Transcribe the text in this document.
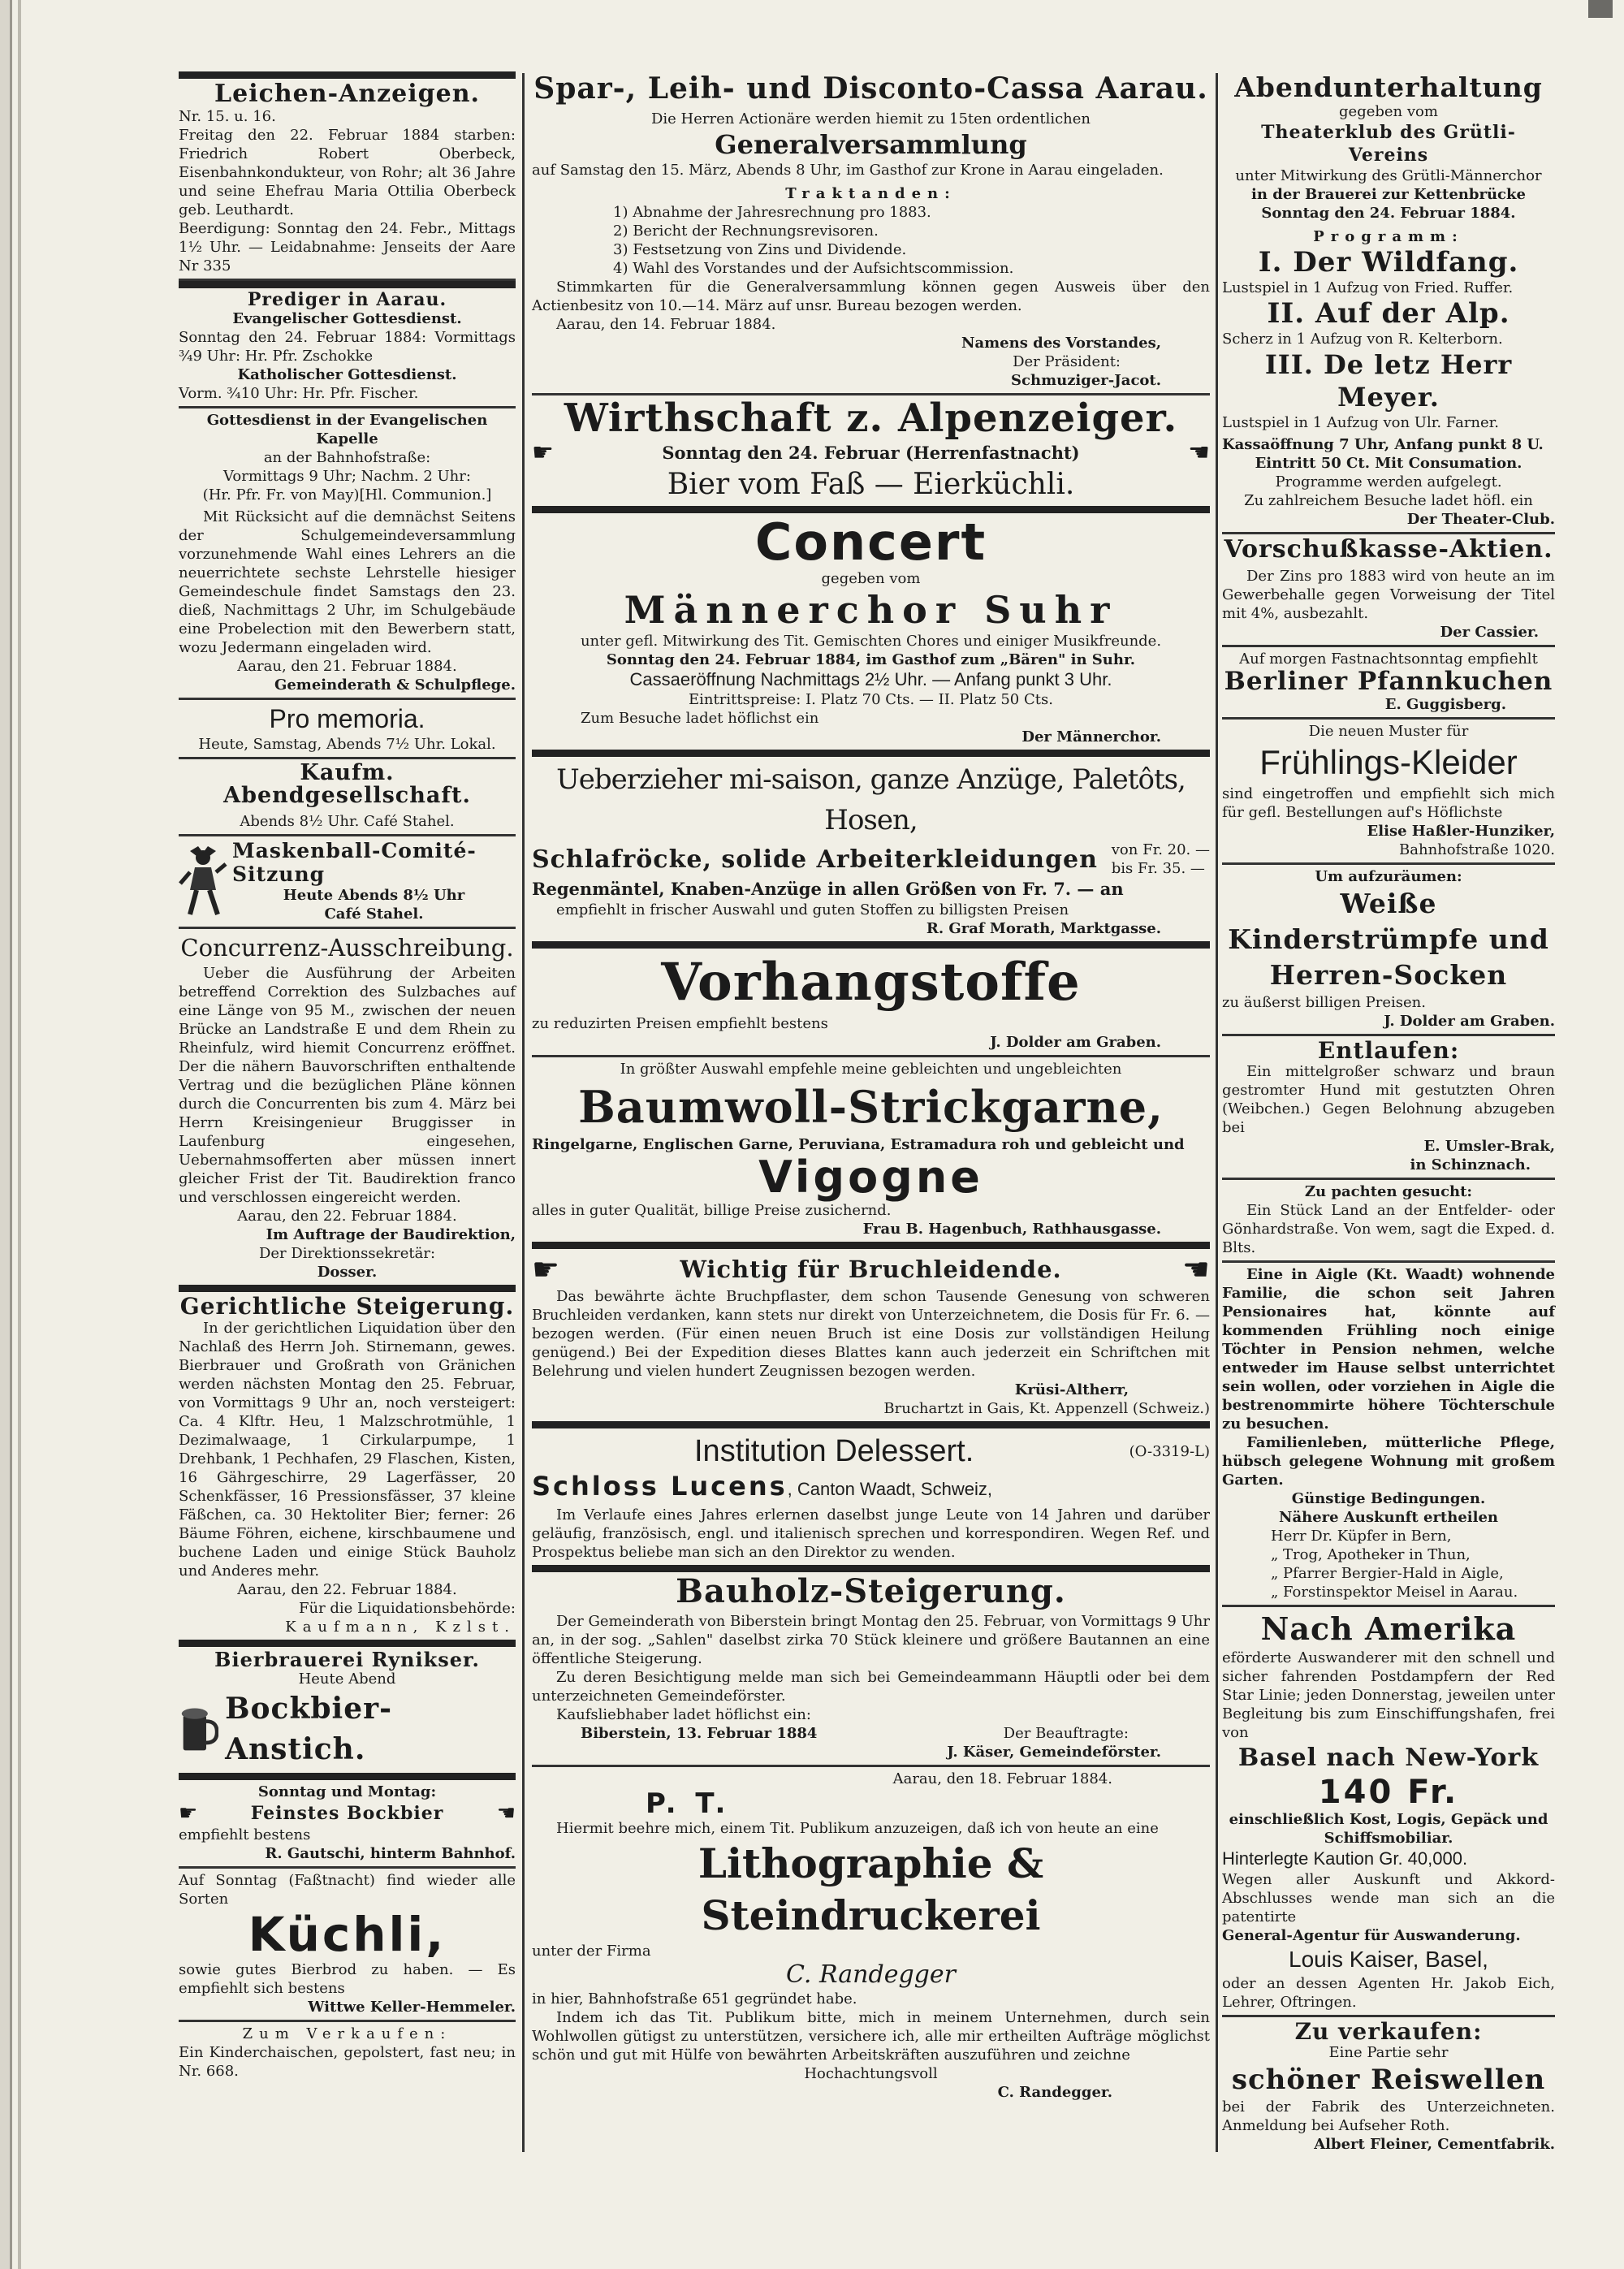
Leichen-Anzeigen.

Nr. 15. u. 16.

Freitag den 22. Februar 1884 starben: Friedrich Robert Oberbeck, Eisenbahnkondukteur, von Rohr; alt 36 Jahre und seine Ehefrau Maria Ottilia Oberbeck geb. Leuthardt.

Beerdigung: Sonntag den 24. Febr., Mittags 1½ Uhr. — Leidabnahme: Jenseits der Aare Nr 335

Prediger in Aarau.

Evangelischer Gottesdienst.

Sonntag den 24. Februar 1884: Vormittags ¾9 Uhr: Hr. Pfr. Zschokke

Katholischer Gottesdienst.

Vorm. ¾10 Uhr: Hr. Pfr. Fischer.

Gottesdienst in der Evangelischen Kapelle

an der Bahnhofstraße:

Vormittags 9 Uhr; Nachm. 2 Uhr:

(Hr. Pfr. Fr. von May)[Hl. Communion.]

Mit Rücksicht auf die demnächst Seitens der Schulgemeindeversammlung vorzunehmende Wahl eines Lehrers an die neuerrichtete sechste Lehrstelle hiesiger Gemeindeschule findet Samstags den 23. dieß, Nachmittags 2 Uhr, im Schulgebäude eine Probelection mit den Bewerbern statt, wozu Jedermann eingeladen wird.

Aarau, den 21. Februar 1884.

Gemeinderath & Schulpflege.

Pro memoria.

Heute, Samstag, Abends 7½ Uhr. Lokal.

Kaufm. Abendgesellschaft.

Abends 8½ Uhr. Café Stahel.

Maskenball-Comité-Sitzung

Heute Abends 8½ Uhr

Café Stahel.

Concurrenz-Ausschreibung.

Ueber die Ausführung der Arbeiten betreffend Correktion des Sulzbaches auf eine Länge von 95 M., zwischen der neuen Brücke an Landstraße E und dem Rhein zu Rheinfulz, wird hiemit Concurrenz eröffnet. Der die nähern Bauvorschriften enthaltende Vertrag und die bezüglichen Pläne können durch die Concurrenten bis zum 4. März bei Herrn Kreisingenieur Bruggisser in Laufenburg eingesehen, Uebernahmsofferten aber müssen innert gleicher Frist der Tit. Baudirektion franco und verschlossen eingereicht werden.

Aarau, den 22. Februar 1884.

Im Auftrage der Baudirektion,

Der Direktionssekretär:

Dosser.

Gerichtliche Steigerung.

In der gerichtlichen Liquidation über den Nachlaß des Herrn Joh. Stirnemann, gewes. Bierbrauer und Großrath von Gränichen werden nächsten Montag den 25. Februar, von Vormittags 9 Uhr an, noch versteigert: Ca. 4 Klftr. Heu, 1 Malzschrotmühle, 1 Dezimalwaage, 1 Cirkularpumpe, 1 Drehbank, 1 Pechhafen, 29 Flaschen, Kisten, 16 Gährgeschirre, 29 Lagerfässer, 20 Schenkfässer, 16 Pressionsfässer, 37 kleine Fäßchen, ca. 30 Hektoliter Bier; ferner: 26 Bäume Föhren, eichene, kirschbaumene und buchene Laden und einige Stück Bauholz und Anderes mehr.

Aarau, den 22. Februar 1884.

Für die Liquidationsbehörde:

Kaufmann, Kzlst.

Bierbrauerei Rynikser.

Heute Abend

Bockbier-Anstich.

Sonntag und Montag:

☛	Feinstes Bockbier	☚

empfiehlt bestens

R. Gautschi, hinterm Bahnhof.

Auf Sonntag (Faßtnacht) find wieder alle Sorten

Küchli,

sowie gutes Bierbrod zu haben. — Es empfiehlt sich bestens

Wittwe Keller-Hemmeler.

Zum Verkaufen:

Ein Kinderchaischen, gepolstert, fast neu; in Nr. 668.

Spar-, Leih- und Disconto-Cassa Aarau.

Die Herren Actionäre werden hiemit zu 15ten ordentlichen

Generalversammlung

auf Samstag den 15. März, Abends 8 Uhr, im Gasthof zur Krone in Aarau eingeladen.

Traktanden:

1) Abnahme der Jahresrechnung pro 1883.

2) Bericht der Rechnungsrevisoren.

3) Festsetzung von Zins und Dividende.

4) Wahl des Vorstandes und der Aufsichtscommission.

Stimmkarten für die Generalversammlung können gegen Ausweis über den Actienbesitz von 10.—14. März auf unsr. Bureau bezogen werden.

Aarau, den 14. Februar 1884.

Namens des Vorstandes,

Der Präsident:

Schmuziger-Jacot.

Wirthschaft z. Alpenzeiger.

☛	Sonntag den 24. Februar (Herrenfastnacht)	☚

Bier vom Faß — Eierküchli.

Concert

gegeben vom

Männerchor Suhr

unter gefl. Mitwirkung des Tit. Gemischten Chores und einiger Musikfreunde.

Sonntag den 24. Februar 1884, im Gasthof zum „Bären" in Suhr.

Cassaeröffnung Nachmittags 2½ Uhr. — Anfang punkt 3 Uhr.

Eintrittspreise: I. Platz 70 Cts. — II. Platz 50 Cts.

Zum Besuche ladet höflichst ein

Der Männerchor.

Ueberzieher mi-saison, ganze Anzüge, Paletôts, Hosen,

Schlafröcke, solide Arbeiterkleidungen von Fr. 20. —

bis Fr. 35. —

Regenmäntel, Knaben-Anzüge in allen Größen von Fr. 7. — an

empfiehlt in frischer Auswahl und guten Stoffen zu billigsten Preisen

R. Graf Morath, Marktgasse.

Vorhangstoffe

zu reduzirten Preisen empfiehlt bestens

J. Dolder am Graben.

In größter Auswahl empfehle meine gebleichten und ungebleichten

Baumwoll-Strickgarne,

Ringelgarne, Englischen Garne, Peruviana, Estramadura roh und gebleicht und

Vigogne

alles in guter Qualität, billige Preise zusichernd.

Frau B. Hagenbuch, Rathhausgasse.

☛	Wichtig für Bruchleidende.	☚

Das bewährte ächte Bruchpflaster, dem schon Tausende Genesung von schweren Bruchleiden verdanken, kann stets nur direkt von Unterzeichnetem, die Dosis für Fr. 6. — bezogen werden. (Für einen neuen Bruch ist eine Dosis zur vollständigen Heilung genügend.) Bei der Expedition dieses Blattes kann auch jederzeit ein Schriftchen mit Belehrung und vielen hundert Zeugnissen bezogen werden.

Krüsi-Altherr,

Bruchartzt in Gais, Kt. Appenzell (Schweiz.)

Institution Delessert.	(O-3319-L)

Schloss Lucens, Canton Waadt, Schweiz,

Im Verlaufe eines Jahres erlernen daselbst junge Leute von 14 Jahren und darüber geläufig, französisch, engl. und italienisch sprechen und korrespondiren. Wegen Ref. und Prospektus beliebe man sich an den Direktor zu wenden.

Bauholz-Steigerung.

Der Gemeinderath von Biberstein bringt Montag den 25. Februar, von Vormittags 9 Uhr an, in der sog. „Sahlen" daselbst zirka 70 Stück kleinere und größere Bautannen an eine öffentliche Steigerung.

Zu deren Besichtigung melde man sich bei Gemeindeammann Häuptli oder bei dem unterzeichneten Gemeindeförster.

Kaufsliebhaber ladet höflichst ein:

Biberstein, 13. Februar 1884	Der Beauftragte:

J. Käser, Gemeindeförster.

Aarau, den 18. Februar 1884.

P. T.

Hiermit beehre mich, einem Tit. Publikum anzuzeigen, daß ich von heute an eine

Lithographie & Steindruckerei

unter der Firma

C. Randegger

in hier, Bahnhofstraße 651 gegründet habe.

Indem ich das Tit. Publikum bitte, mich in meinem Unternehmen, durch sein Wohlwollen gütigst zu unterstützen, versichere ich, alle mir ertheilten Aufträge möglichst schön und gut mit Hülfe von bewährten Arbeitskräften auszuführen und zeichne

Hochachtungsvoll

C. Randegger.

Abendunterhaltung

gegeben vom

Theaterklub des Grütli-Vereins

unter Mitwirkung des Grütli-Männerchor

in der Brauerei zur Kettenbrücke

Sonntag den 24. Februar 1884.

Programm:

I. Der Wildfang.

Lustspiel in 1 Aufzug von Fried. Ruffer.

II. Auf der Alp.

Scherz in 1 Aufzug von R. Kelterborn.

III. De letz Herr Meyer.

Lustspiel in 1 Aufzug von Ulr. Farner.

Kassaöffnung 7 Uhr, Anfang punkt 8 U.

Eintritt 50 Ct. Mit Consumation.

Programme werden aufgelegt.

Zu zahlreichem Besuche ladet höfl. ein

Der Theater-Club.

Vorschußkasse-Aktien.

Der Zins pro 1883 wird von heute an im Gewerbehalle gegen Vorweisung der Titel mit 4%, ausbezahlt.

Der Cassier.

Auf morgen Fastnachtsonntag empfiehlt

Berliner Pfannkuchen

E. Guggisberg.

Die neuen Muster für

Frühlings-Kleider

sind eingetroffen und empfiehlt sich mich für gefl. Bestellungen auf's Höflichste

Elise Haßler-Hunziker,

Bahnhofstraße 1020.

Um aufzuräumen:

Weiße Kinderstrümpfe und Herren-Socken

zu äußerst billigen Preisen.

J. Dolder am Graben.

Entlaufen:

Ein mittelgroßer schwarz und braun gestromter Hund mit gestutzten Ohren (Weibchen.) Gegen Belohnung abzugeben bei

E. Umsler-Brak,

in Schinznach.

Zu pachten gesucht:

Ein Stück Land an der Entfelder- oder Gönhardstraße. Von wem, sagt die Exped. d. Blts.

Eine in Aigle (Kt. Waadt) wohnende Familie, die schon seit Jahren Pensionaires hat, könnte auf kommenden Frühling noch einige Töchter in Pension nehmen, welche entweder im Hause selbst unterrichtet sein wollen, oder vorziehen in Aigle die bestrenommirte höhere Töchterschule zu besuchen.

Familienleben, mütterliche Pflege, hübsch gelegene Wohnung mit großem Garten.

Günstige Bedingungen.

Nähere Auskunft ertheilen

Herr Dr. Küpfer in Bern,

„ Trog, Apotheker in Thun,

„ Pfarrer Bergier-Hald in Aigle,

„ Forstinspektor Meisel in Aarau.

Nach Amerika

eförderte Auswanderer mit den schnell und sicher fahrenden Postdampfern der Red Star Linie; jeden Donnerstag, jeweilen unter Begleitung bis zum Einschiffungshafen, frei von

Basel nach New-York

140 Fr.

einschließlich Kost, Logis, Gepäck und Schiffsmobiliar.

Hinterlegte Kaution Gr. 40,000.

Wegen aller Auskunft und Akkord-Abschlusses wende man sich an die patentirte

General-Agentur für Auswanderung.

Louis Kaiser, Basel,

oder an dessen Agenten Hr. Jakob Eich, Lehrer, Oftringen.

Zu verkaufen:

Eine Partie sehr

schöner Reiswellen

bei der Fabrik des Unterzeichneten. Anmeldung bei Aufseher Roth.

Albert Fleiner, Cementfabrik.
